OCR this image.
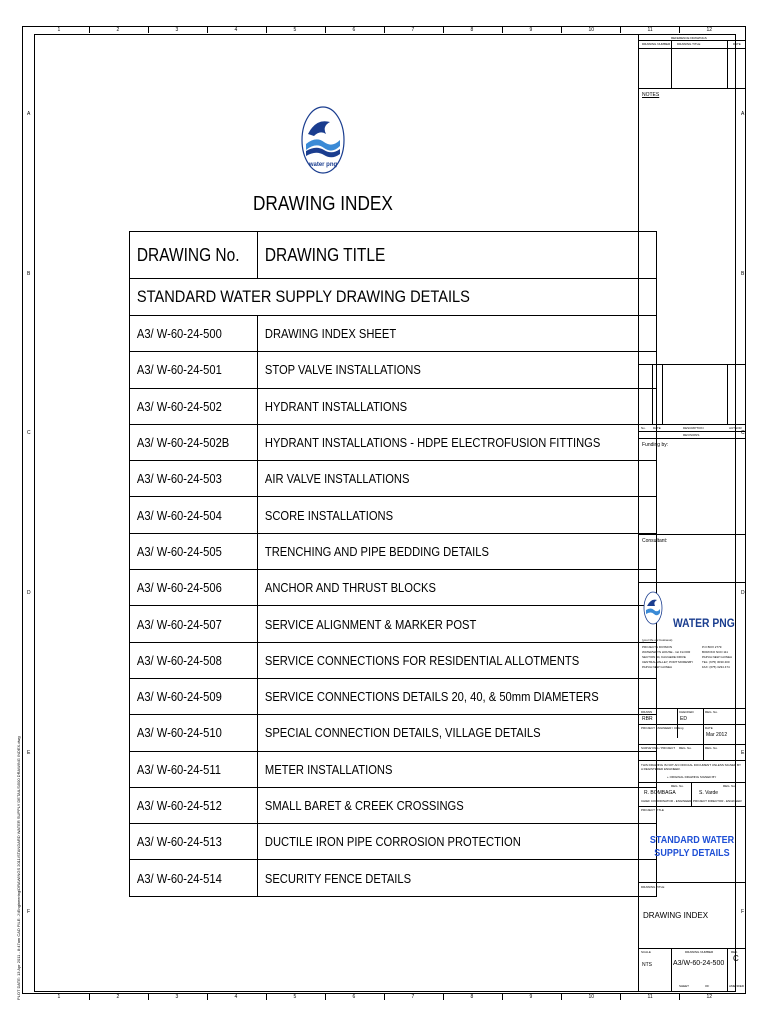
1	2	3	4	5	6	7	8	9	10	11	12
1	2	3	4	5	6	7	8	9	10	11	12
A	A
B	B
C	C
D	D
E	E
F	F
PLOT DATE: 13 Apr 2011 - 8:47am CAD FILE: J:\Engineering\DRAWINGS 2011\STANDARD WATER SUPPLY DETAILS\500 DRAWING INDEX.dwg
water png
DRAWING INDEX
DRAWING No.	DRAWING TITLE
STANDARD WATER SUPPLY DRAWING DETAILS	
A3/ W-60-24-500	DRAWING INDEX SHEET
A3/ W-60-24-501	STOP VALVE INSTALLATIONS
A3/ W-60-24-502	HYDRANT INSTALLATIONS
A3/ W-60-24-502B	HYDRANT INSTALLATIONS - HDPE ELECTROFUSION FITTINGS
A3/ W-60-24-503	AIR VALVE INSTALLATIONS
A3/ W-60-24-504	SCORE INSTALLATIONS
A3/ W-60-24-505	TRENCHING AND PIPE BEDDING DETAILS
A3/ W-60-24-506	ANCHOR AND THRUST BLOCKS
A3/ W-60-24-507	SERVICE ALIGNMENT & MARKER POST
A3/ W-60-24-508	SERVICE CONNECTIONS FOR RESIDENTIAL ALLOTMENTS
A3/ W-60-24-509	SERVICE CONNECTIONS DETAILS 20, 40, & 50mm DIAMETERS
A3/ W-60-24-510	SPECIAL CONNECTION DETAILS, VILLAGE DETAILS
A3/ W-60-24-511	METER INSTALLATIONS
A3/ W-60-24-512	SMALL BARET & CREEK CROSSINGS
A3/ W-60-24-513	DUCTILE IRON PIPE CORROSION PROTECTION
A3/ W-60-24-514	SECURITY FENCE DETAILS
REFERENCE DRAWINGS
DRAWING NUMBER DRAWING TITLE	DATE
NOTES
No. DATE	DESCRIPTION	AUTHOR
REVISIONS
Funding by:
Consultant:
WATER PNG
(your life our business)
PROJECTS DIVISION
WATERWAYS HOUSE - 1st FLOOR
SECTION 44, KAUGERE DRIVE
CENTRAL VALLEY, PORT MORESBY
PAPUA NEW GUINEA
P.O BOX 2779
BOROKO NCD 111
PAPUA NEW GUINEA
TEL: (675) 3030 400
FAX: (675) 3234 474
DRAWN
RBR
CHECKED
ED
REG. No.
PROJECT ENGINEER / CPEng	DATE
Mar 2012
SURVEYING / PROJECT REG. No.	REG. No.
THIS DRAWING IS NOT AN OFFICIAL DOCUMENT UNLESS SIGNED BY A REGISTERED ENGINEER.
+ ORIGINAL DRAWING SIGNED BY
REG. No.	REG. No.
R. BOMBAGA	S. Varde
CHIEF COORDINATOR - ENGINEER PROJECT DIRECTOR - ENGINEER
PROJECT TITLE
STANDARD WATER SUPPLY DETAILS
DRAWING TITLE
DRAWING INDEX
SCALE
NTS
DRAWING NUMBER
A3/W-60-24-500
REV.
C
SHEET	OF	AMENDED
